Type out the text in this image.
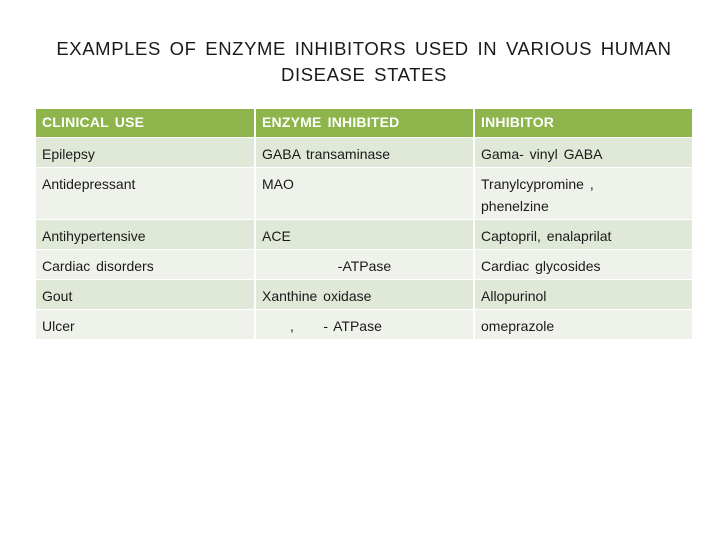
EXAMPLES OF ENZYME INHIBITORS USED IN VARIOUS HUMAN
DISEASE STATES
CLINICAL USE	ENZYME INHIBITED	INHIBITOR
Epilepsy	GABA transaminase	Gama- vinyl GABA
Antidepressant	MAO	Tranylcypromine ,
phenelzine
Antihypertensive	ACE	Captopril, enalaprilat
Cardiac disorders	-ATPase	Cardiac glycosides
Gout	Xanthine oxidase	Allopurinol
Ulcer	,     - ATPase	omeprazole
